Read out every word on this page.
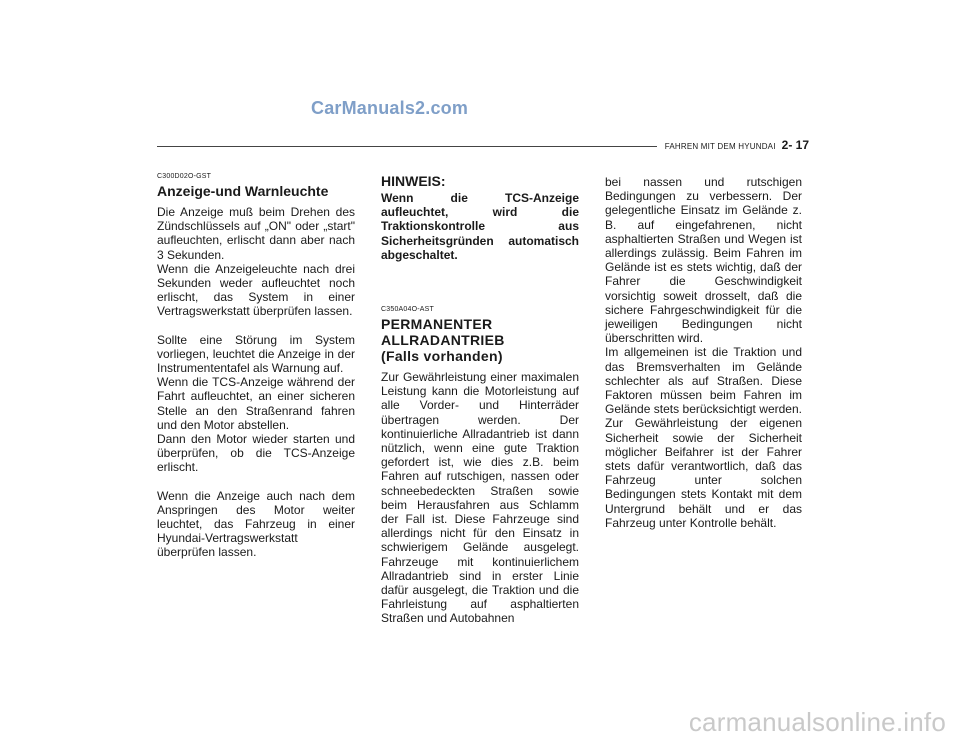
CarManuals2.com
FAHREN MIT DEM HYUNDAI 2- 17
C300D02O-GST
Anzeige-und Warnleuchte

Die Anzeige muß beim Drehen des Zündschlüssels auf „ON" oder „start" aufleuchten, erlischt dann aber nach 3 Sekunden.

Wenn die Anzeigeleuchte nach drei Sekunden weder aufleuchtet noch erlischt, das System in einer Vertragswerkstatt überprüfen lassen.

Sollte eine Störung im System vorliegen, leuchtet die Anzeige in der Instrumententafel als Warnung auf.

Wenn die TCS-Anzeige während der Fahrt aufleuchtet, an einer sicheren Stelle an den Straßenrand fahren und den Motor abstellen.

Dann den Motor wieder starten und überprüfen, ob die TCS-Anzeige erlischt.

Wenn die Anzeige auch nach dem Anspringen des Motor weiter leuchtet, das Fahrzeug in einer Hyundai-Vertragswerkstatt überprüfen lassen.

HINWEIS:

Wenn die TCS-Anzeige aufleuchtet, wird die Traktionskontrolle aus Sicherheitsgründen automatisch abgeschaltet.

C350A04O-AST
PERMANENTER
ALLRADANTRIEB
(Falls vorhanden)

Zur Gewährleistung einer maximalen Leistung kann die Motorleistung auf alle Vorder- und Hinterräder übertragen werden. Der kontinuierliche Allradantrieb ist dann nützlich, wenn eine gute Traktion gefordert ist, wie dies z.B. beim Fahren auf rutschigen, nassen oder schneebedeckten Straßen sowie beim Herausfahren aus Schlamm der Fall ist. Diese Fahrzeuge sind allerdings nicht für den Einsatz in schwierigem Gelände ausgelegt. Fahrzeuge mit kontinuierlichem Allradantrieb sind in erster Linie dafür ausgelegt, die Traktion und die Fahrleistung auf asphaltierten Straßen und Autobahnen

bei nassen und rutschigen Bedingungen zu verbessern. Der gelegentliche Einsatz im Gelände z. B. auf eingefahrenen, nicht asphaltierten Straßen und Wegen ist allerdings zulässig. Beim Fahren im Gelände ist es stets wichtig, daß der Fahrer die Geschwindigkeit vorsichtig soweit drosselt, daß die sichere Fahrgeschwindigkeit für die jeweiligen Bedingungen nicht überschritten wird.

Im allgemeinen ist die Traktion und das Bremsverhalten im Gelände schlechter als auf Straßen. Diese Faktoren müssen beim Fahren im Gelände stets berücksichtigt werden. Zur Gewährleistung der eigenen Sicherheit sowie der Sicherheit möglicher Beifahrer ist der Fahrer stets dafür verantwortlich, daß das Fahrzeug unter solchen Bedingungen stets Kontakt mit dem Untergrund behält und er das Fahrzeug unter Kontrolle behält.

carmanualsonline.info
